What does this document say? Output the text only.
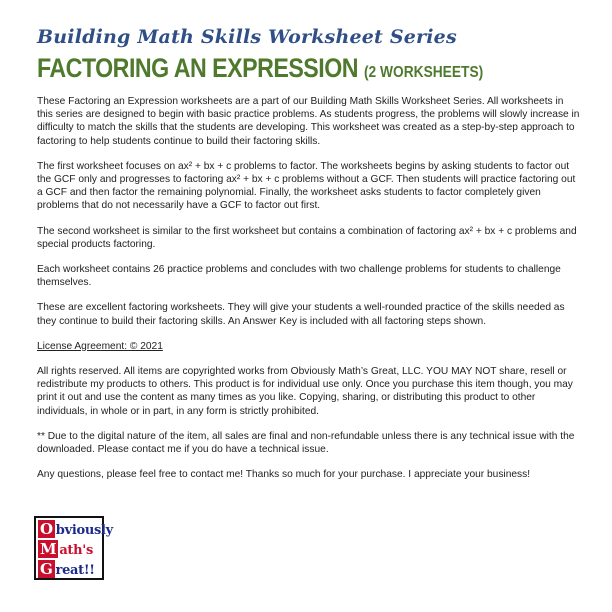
Building Math Skills Worksheet Series
FACTORING AN EXPRESSION (2 WORKSHEETS)

These Factoring an Expression worksheets are a part of our Building Math Skills Worksheet Series. All worksheets in this series are designed to begin with basic practice problems. As students progress, the problems will slowly increase in difficulty to match the skills that the students are developing. This worksheet was created as a step-by-step approach to factoring to help students continue to build their factoring skills.

The first worksheet focuses on ax² + bx + c problems to factor. The worksheets begins by asking students to factor out the GCF only and progresses to factoring ax² + bx + c problems without a GCF. Then students will practice factoring out a GCF and then factor the remaining polynomial. Finally, the worksheet asks students to factor completely given problems that do not necessarily have a GCF to factor out first.

The second worksheet is similar to the first worksheet but contains a combination of factoring ax² + bx + c problems and special products factoring.

Each worksheet contains 26 practice problems and concludes with two challenge problems for students to challenge themselves.

These are excellent factoring worksheets. They will give your students a well-rounded practice of the skills needed as they continue to build their factoring skills. An Answer Key is included with all factoring steps shown.

License Agreement: © 2021

All rights reserved. All items are copyrighted works from Obviously Math’s Great, LLC. YOU MAY NOT share, resell or redistribute my products to others. This product is for individual use only. Once you purchase this item though, you may print it out and use the content as many times as you like. Copying, sharing, or distributing this product to other individuals, in whole or in part, in any form is strictly prohibited.

** Due to the digital nature of the item, all sales are final and non-refundable unless there is any technical issue with the downloaded. Please contact me if you do have a technical issue.

Any questions, please feel free to contact me! Thanks so much for your purchase. I appreciate your business!

O bviously
M ath's
G reat!!
